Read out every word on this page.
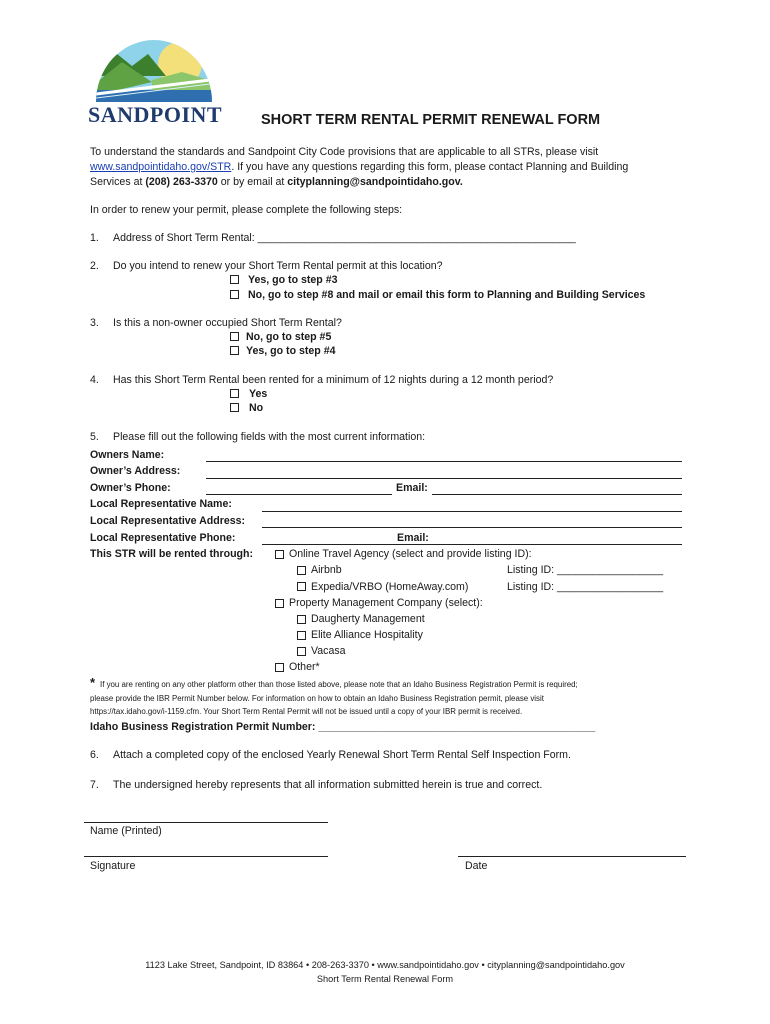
SANDPOINT	SHORT TERM RENTAL PERMIT RENEWAL FORM
To understand the standards and Sandpoint City Code provisions that are applicable to all STRs, please visit
www.sandpointidaho.gov/STR. If you have any questions regarding this form, please contact Planning and Building
Services at (208) 263-3370 or by email at cityplanning@sandpointidaho.gov.
In order to renew your permit, please complete the following steps:
1. Address of Short Term Rental: ______________________________________________________
2. Do you intend to renew your Short Term Rental permit at this location?
Yes, go to step #3
No, go to step #8 and mail or email this form to Planning and Building Services
3. Is this a non-owner occupied Short Term Rental?
No, go to step #5
Yes, go to step #4
4. Has this Short Term Rental been rented for a minimum of 12 nights during a 12 month period?
Yes
No
5. Please fill out the following fields with the most current information:
Owners Name:
Owner’s Address:
Owner’s Phone:	Email:
Local Representative Name:
Local Representative Address:
Local Representative Phone:	Email:
This STR will be rented through:	Online Travel Agency (select and provide listing ID):
Airbnb	Listing ID: __________________
Expedia/VRBO (HomeAway.com)	Listing ID: __________________
Property Management Company (select):
Daugherty Management
Elite Alliance Hospitality
Vacasa
Other*
* If you are renting on any other platform other than those listed above, please note that an Idaho Business Registration Permit is required;
please provide the IBR Permit Number below. For information on how to obtain an Idaho Business Registration permit, please visit
https://tax.idaho.gov/i-1159.cfm. Your Short Term Rental Permit will not be issued until a copy of your IBR permit is received.
Idaho Business Registration Permit Number: _______________________________________________
6. Attach a completed copy of the enclosed Yearly Renewal Short Term Rental Self Inspection Form.
7. The undersigned hereby represents that all information submitted herein is true and correct.
Name (Printed)
Signature	Date
1123 Lake Street, Sandpoint, ID 83864 • 208-263-3370 • www.sandpointidaho.gov • cityplanning@sandpointidaho.gov
Short Term Rental Renewal Form
